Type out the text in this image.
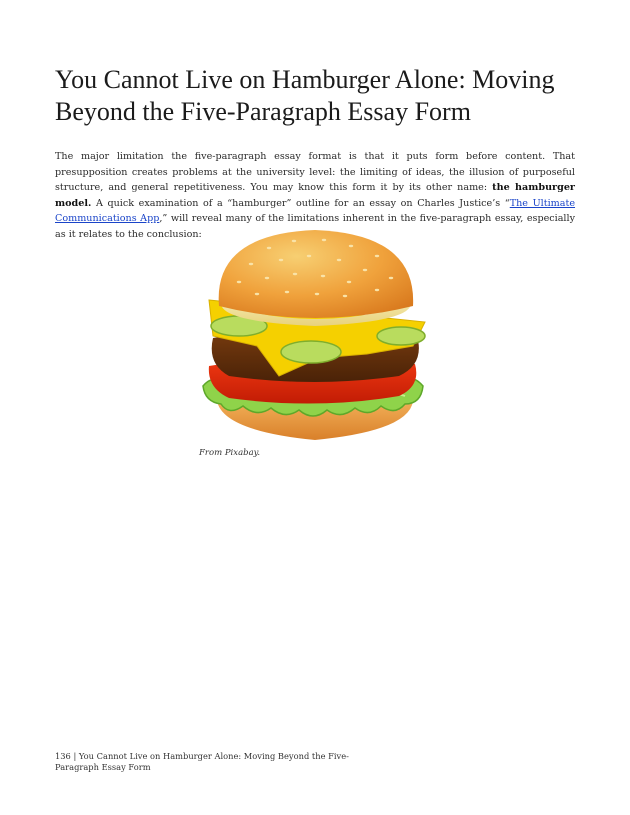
You Cannot Live on Hamburger Alone: Moving Beyond the Five-Paragraph Essay Form

The major limitation the five-paragraph essay format is that it puts form before content. That presupposition creates problems at the university level: the limiting of ideas, the illusion of purposeful structure, and general repetitiveness. You may know this form it by its other name: the hamburger model. A quick examination of a “hamburger” outline for an essay on Charles Justice’s “The Ultimate Communications App,” will reveal many of the limitations inherent in the five-paragraph essay, especially as it relates to the conclusion:

From Pixabay.
136 | You Cannot Live on Hamburger Alone: Moving Beyond the Five-Paragraph Essay Form
